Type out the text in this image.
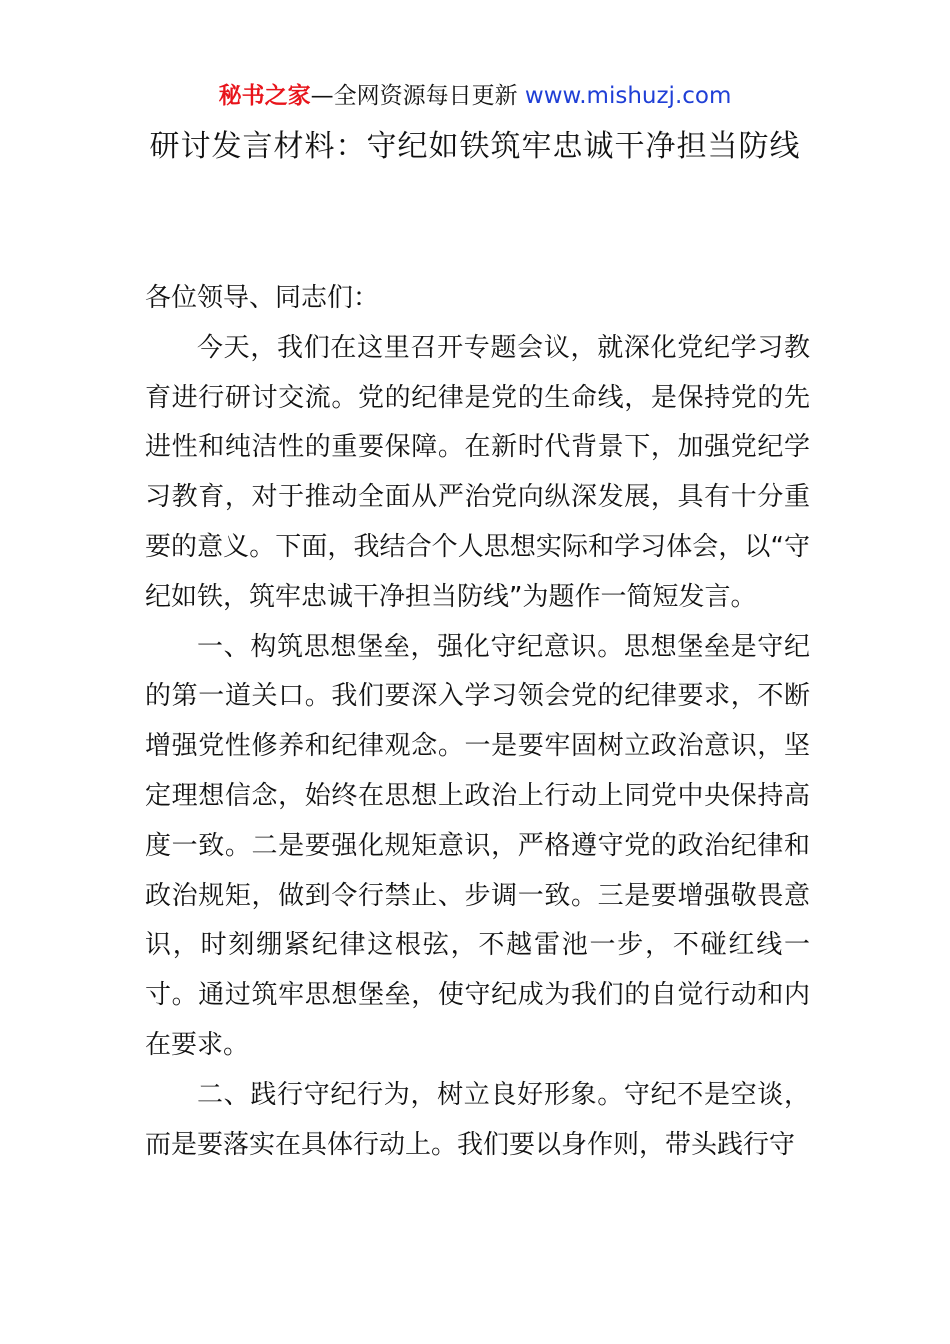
秘书之家—全网资源每日更新 www.mishuzj.com
研讨发言材料：守纪如铁筑牢忠诚干净担当防线

各位领导、同志们：

今天，我们在这里召开专题会议，就深化党纪学习教育进行研讨交流。党的纪律是党的生命线，是保持党的先进性和纯洁性的重要保障。在新时代背景下，加强党纪学习教育，对于推动全面从严治党向纵深发展，具有十分重要的意义。下面，我结合个人思想实际和学习体会，以“守纪如铁，筑牢忠诚干净担当防线”为题作一简短发言。

一、构筑思想堡垒，强化守纪意识。思想堡垒是守纪的第一道关口。我们要深入学习领会党的纪律要求，不断增强党性修养和纪律观念。一是要牢固树立政治意识，坚定理想信念，始终在思想上政治上行动上同党中央保持高度一致。二是要强化规矩意识，严格遵守党的政治纪律和政治规矩，做到令行禁止、步调一致。三是要增强敬畏意识，时刻绷紧纪律这根弦，不越雷池一步，不碰红线一寸。通过筑牢思想堡垒，使守纪成为我们的自觉行动和内在要求。

二、践行守纪行为，树立良好形象。守纪不是空谈，而是要落实在具体行动上。我们要以身作则，带头践行守
